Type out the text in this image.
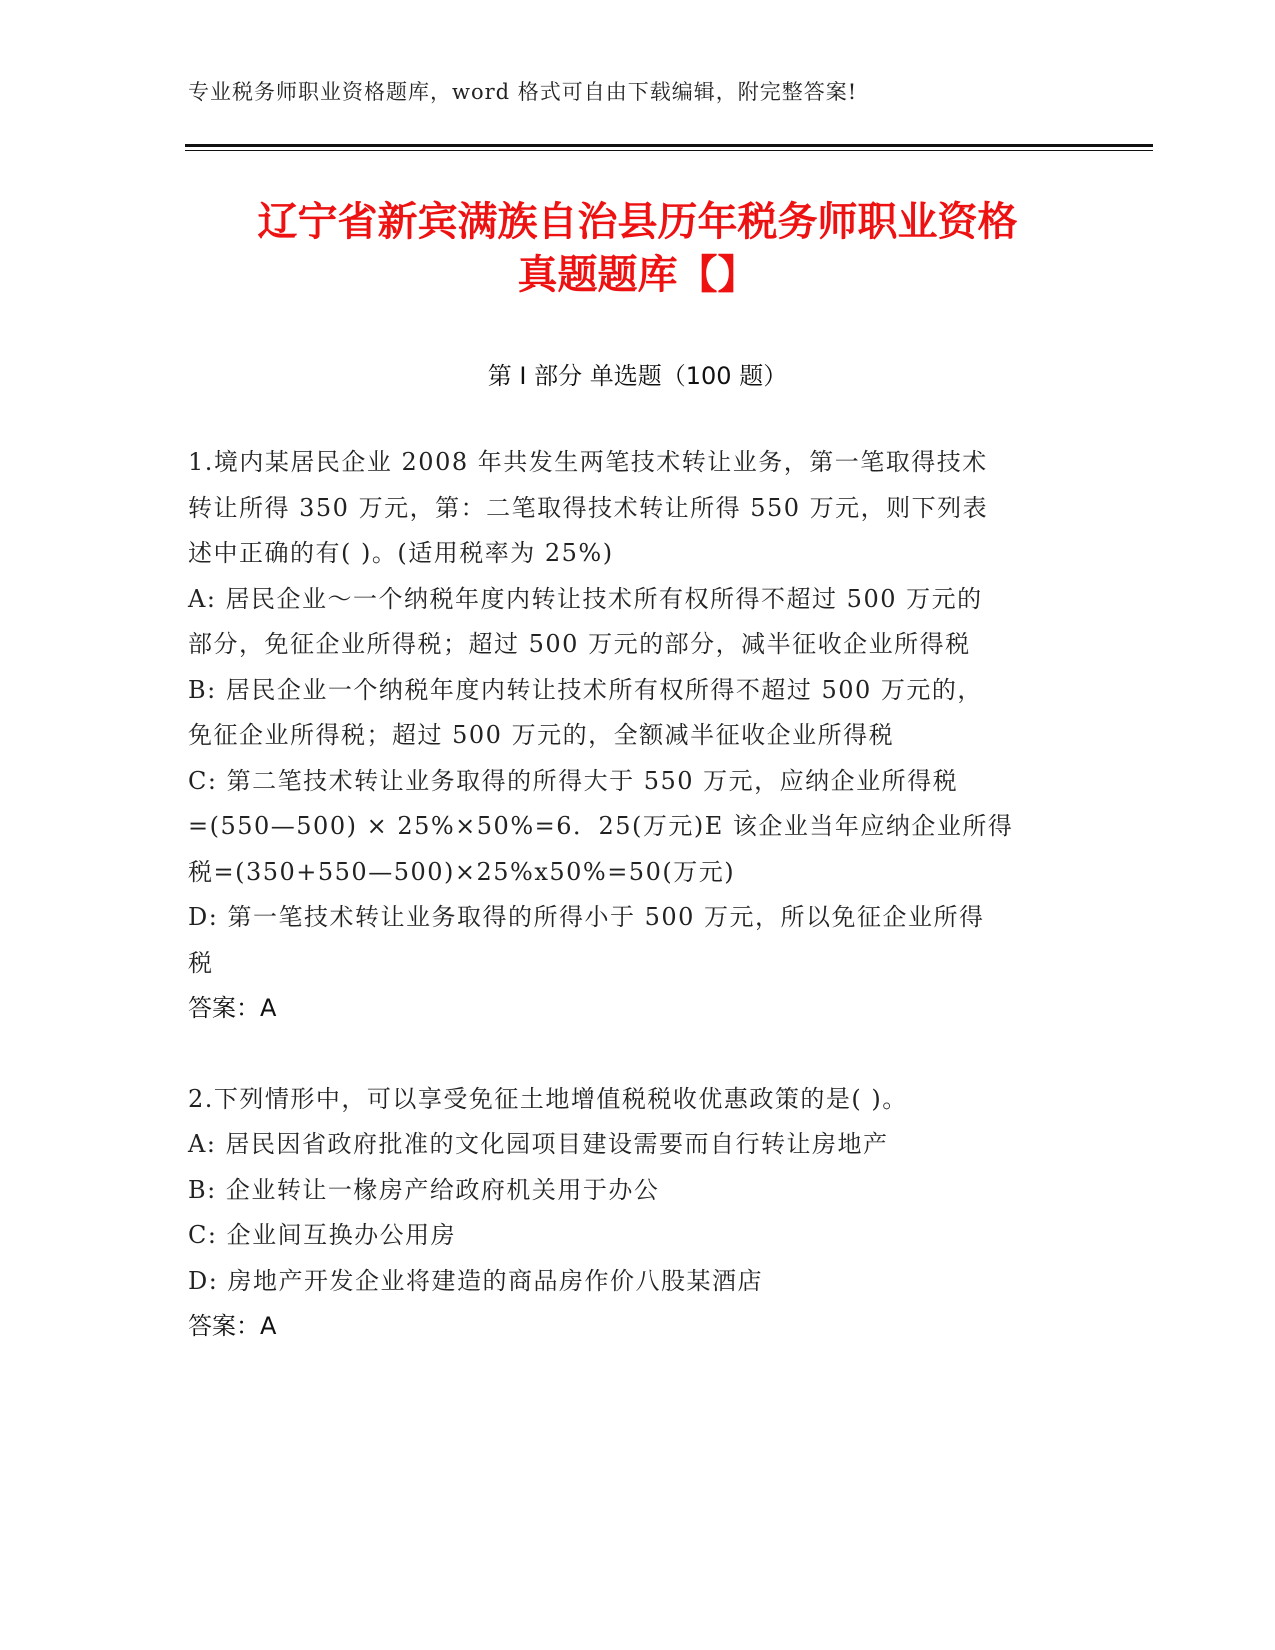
专业税务师职业资格题库，word 格式可自由下载编辑，附完整答案!
辽宁省新宾满族自治县历年税务师职业资格
真题题库【】
第 I 部分 单选题（100 题）
1.境内某居民企业 2008 年共发生两笔技术转让业务，第一笔取得技术
转让所得 350 万元，第：二笔取得技术转让所得 550 万元，则下列表
述中正确的有( )。(适用税率为 25%)
A: 居民企业～一个纳税年度内转让技术所有权所得不超过 500 万元的
部分，免征企业所得税；超过 500 万元的部分，减半征收企业所得税
B: 居民企业一个纳税年度内转让技术所有权所得不超过 500 万元的，
免征企业所得税；超过 500 万元的，全额减半征收企业所得税
C: 第二笔技术转让业务取得的所得大于 550 万元，应纳企业所得税
=(550—500) × 25%×50%=6．25(万元)E 该企业当年应纳企业所得
税=(350+550—500)×25%x50%=50(万元)
D: 第一笔技术转让业务取得的所得小于 500 万元，所以免征企业所得
税
答案：A
2.下列情形中，可以享受免征土地增值税税收优惠政策的是( )。
A: 居民因省政府批准的文化园项目建设需要而自行转让房地产
B: 企业转让一椽房产给政府机关用于办公
C: 企业间互换办公用房
D: 房地产开发企业将建造的商品房作价八股某酒店
答案：A
